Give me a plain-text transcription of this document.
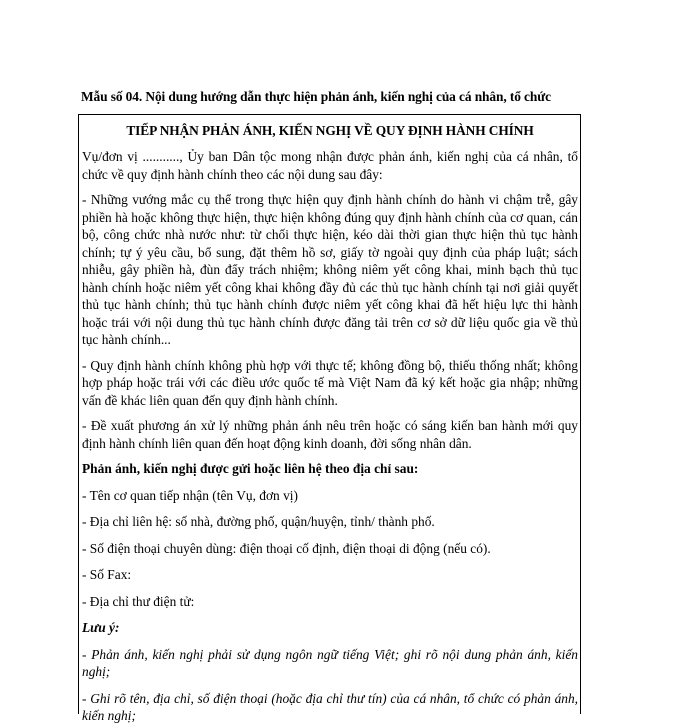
Mẫu số 04. Nội dung hướng dẫn thực hiện phản ánh, kiến nghị của cá nhân, tổ chức
TIẾP NHẬN PHẢN ÁNH, KIẾN NGHỊ VỀ QUY ĐỊNH HÀNH CHÍNH

Vụ/đơn vị ..........., Ủy ban Dân tộc mong nhận được phản ánh, kiến nghị của cá nhân, tổ chức về quy định hành chính theo các nội dung sau đây:

- Những vướng mắc cụ thể trong thực hiện quy định hành chính do hành vi chậm trễ, gây phiền hà hoặc không thực hiện, thực hiện không đúng quy định hành chính của cơ quan, cán bộ, công chức nhà nước như: từ chối thực hiện, kéo dài thời gian thực hiện thủ tục hành chính; tự ý yêu cầu, bổ sung, đặt thêm hồ sơ, giấy tờ ngoài quy định của pháp luật; sách nhiễu, gây phiền hà, đùn đẩy trách nhiệm; không niêm yết công khai, minh bạch thủ tục hành chính hoặc niêm yết công khai không đầy đủ các thủ tục hành chính tại nơi giải quyết thủ tục hành chính; thủ tục hành chính được niêm yết công khai đã hết hiệu lực thi hành hoặc trái với nội dung thủ tục hành chính được đăng tải trên cơ sở dữ liệu quốc gia về thủ tục hành chính...

- Quy định hành chính không phù hợp với thực tế; không đồng bộ, thiếu thống nhất; không hợp pháp hoặc trái với các điều ước quốc tế mà Việt Nam đã ký kết hoặc gia nhập; những vấn đề khác liên quan đến quy định hành chính.

- Đề xuất phương án xử lý những phản ánh nêu trên hoặc có sáng kiến ban hành mới quy định hành chính liên quan đến hoạt động kinh doanh, đời sống nhân dân.

Phản ánh, kiến nghị được gửi hoặc liên hệ theo địa chỉ sau:

- Tên cơ quan tiếp nhận (tên Vụ, đơn vị)

- Địa chỉ liên hệ: số nhà, đường phố, quận/huyện, tỉnh/ thành phố.

- Số điện thoại chuyên dùng: điện thoại cố định, điện thoại di động (nếu có).

- Số Fax:

- Địa chỉ thư điện tử:

Lưu ý:

- Phản ánh, kiến nghị phải sử dụng ngôn ngữ tiếng Việt; ghi rõ nội dung phản ánh, kiến nghị;

- Ghi rõ tên, địa chỉ, số điện thoại (hoặc địa chỉ thư tín) của cá nhân, tổ chức có phản ánh, kiến nghị;
